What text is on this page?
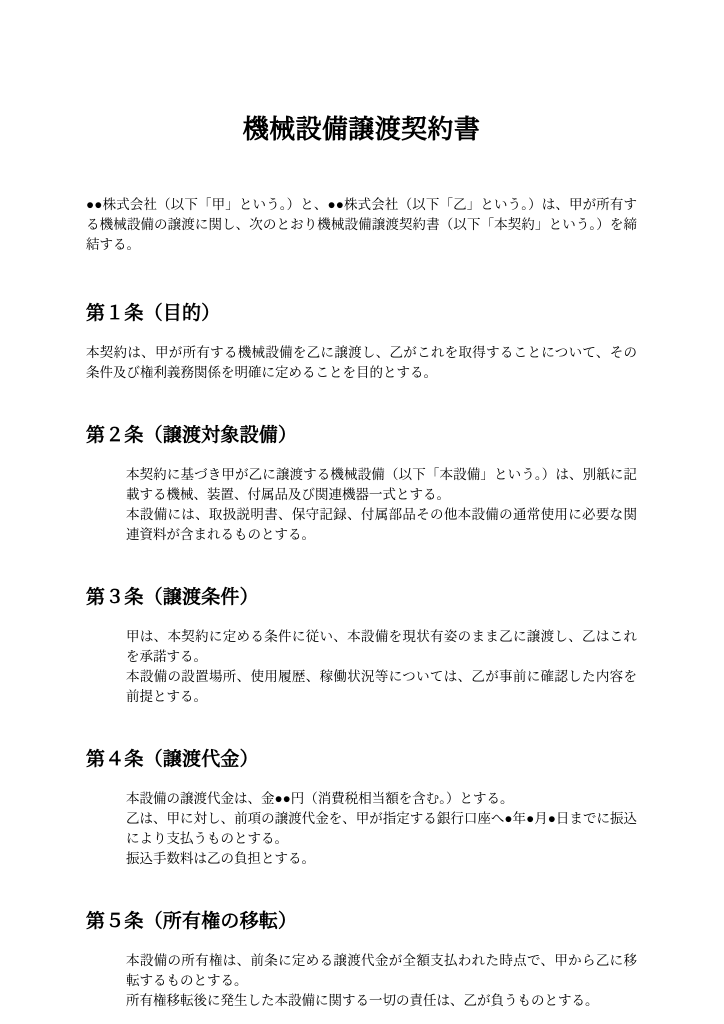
機械設備譲渡契約書

●●株式会社（以下「甲」という。）と、●●株式会社（以下「乙」という。）は、甲が所有する機械設備の譲渡に関し、次のとおり機械設備譲渡契約書（以下「本契約」という。）を締結する。

第１条（目的）

本契約は、甲が所有する機械設備を乙に譲渡し、乙がこれを取得することについて、その条件及び権利義務関係を明確に定めることを目的とする。

第２条（譲渡対象設備）

本契約に基づき甲が乙に譲渡する機械設備（以下「本設備」という。）は、別紙に記載する機械、装置、付属品及び関連機器一式とする。

本設備には、取扱説明書、保守記録、付属部品その他本設備の通常使用に必要な関連資料が含まれるものとする。

第３条（譲渡条件）

甲は、本契約に定める条件に従い、本設備を現状有姿のまま乙に譲渡し、乙はこれを承諾する。

本設備の設置場所、使用履歴、稼働状況等については、乙が事前に確認した内容を前提とする。

第４条（譲渡代金）

本設備の譲渡代金は、金●●円（消費税相当額を含む。）とする。

乙は、甲に対し、前項の譲渡代金を、甲が指定する銀行口座へ●年●月●日までに振込により支払うものとする。

振込手数料は乙の負担とする。

第５条（所有権の移転）

本設備の所有権は、前条に定める譲渡代金が全額支払われた時点で、甲から乙に移転するものとする。

所有権移転後に発生した本設備に関する一切の責任は、乙が負うものとする。
